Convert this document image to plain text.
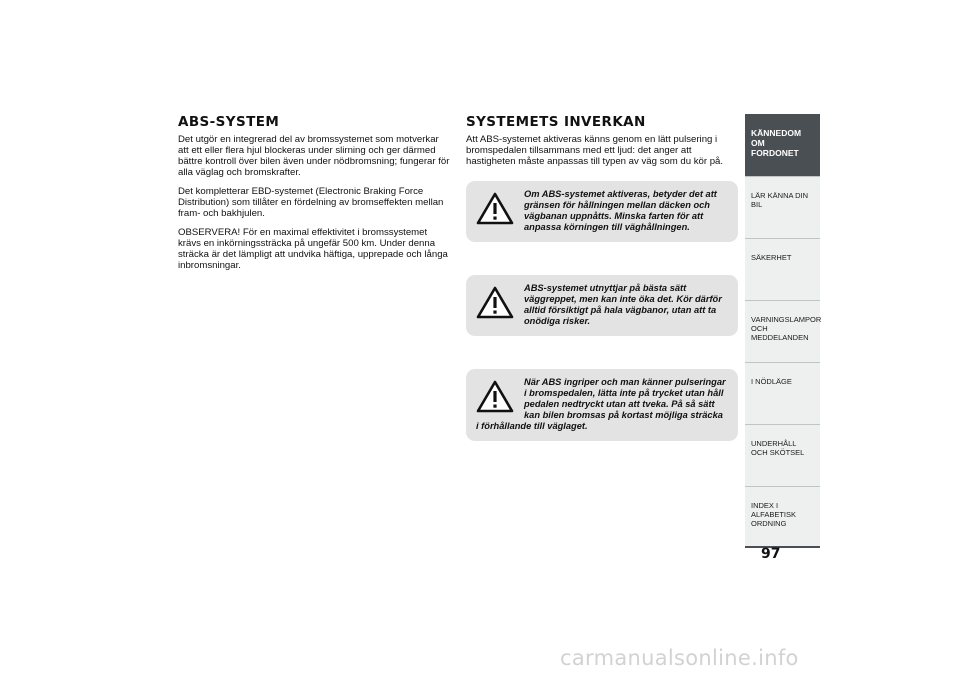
ABS-SYSTEM

Det utgör en integrerad del av bromssystemet som motverkar att ett eller flera hjul blockeras under slirning och ger därmed bättre kontroll över bilen även under nödbromsning; fungerar för alla väglag och bromskrafter.

Det kompletterar EBD-systemet (Electronic Braking Force Distribution) som tillåter en fördelning av bromseffekten mellan fram- och bakhjulen.

OBSERVERA! För en maximal effektivitet i bromssystemet krävs en inkörningssträcka på ungefär 500 km. Under denna sträcka är det lämpligt att undvika häftiga, upprepade och långa inbromsningar.

SYSTEMETS INVERKAN

Att ABS-systemet aktiveras känns genom en lätt pulsering i bromspedalen tillsammans med ett ljud: det anger att hastigheten måste anpassas till typen av väg som du kör på.

Om ABS-systemet aktiveras, betyder det att gränsen för hållningen mellan däcken och vägbanan uppnåtts. Minska farten för att anpassa körningen till väghållningen.
ABS-systemet utnyttjar på bästa sätt väggreppet, men kan inte öka det. Kör därför alltid försiktigt på hala vägbanor, utan att ta onödiga risker.
När ABS ingriper och man känner pulseringar i bromspedalen, lätta inte på trycket utan håll pedalen nedtryckt utan att tveka. På så sätt kan bilen bromsas på kortast möjliga sträcka i förhållande till väglaget.
KÄNNEDOM OM FORDONET
LÄR KÄNNA DIN BIL
SÄKERHET
VARNINGSLAMPOR OCH MEDDELANDEN
I NÖDLÄGE
UNDERHÅLL OCH SKÖTSEL
INDEX I ALFABETISK ORDNING
97
carmanualsonline.info
